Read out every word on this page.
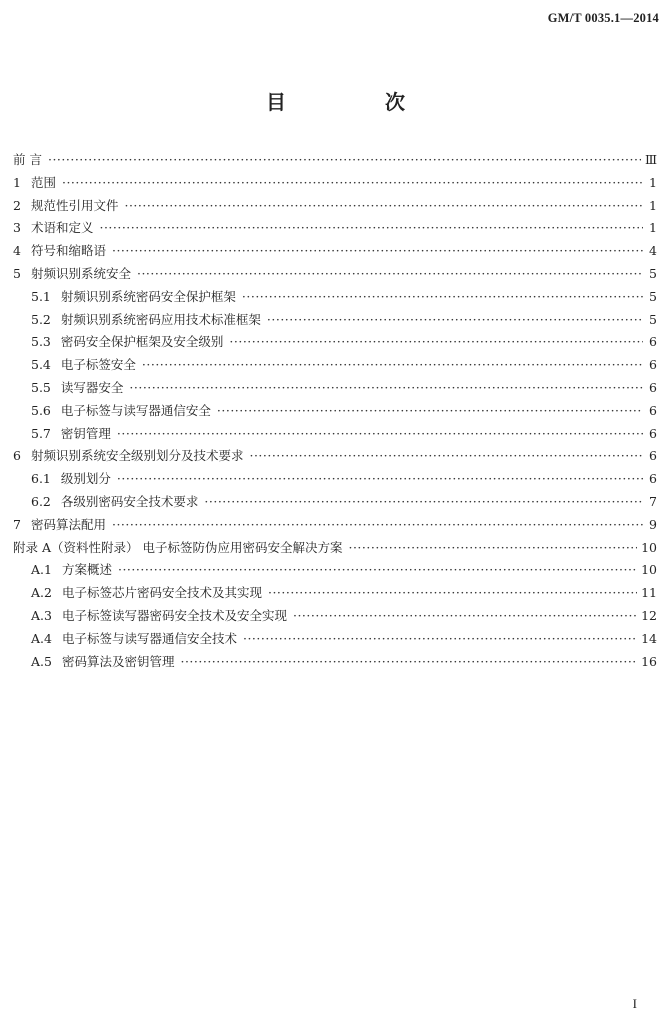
GM/T 0035.1—2014
目 次
前 言 ·····	Ⅲ
1 范围 ·····	1
2 规范性引用文件 ·····	1
3 术语和定义 ·····	1
4 符号和缩略语 ·····	4
5 射频识别系统安全 ·····	5
5.1 射频识别系统密码安全保护框架 ·····	5
5.2 射频识别系统密码应用技术标准框架 ·····	5
5.3 密码安全保护框架及安全级别 ·····	6
5.4 电子标签安全 ·····	6
5.5 读写器安全 ·····	6
5.6 电子标签与读写器通信安全 ·····	6
5.7 密钥管理 ·····	6
6 射频识别系统安全级别划分及技术要求 ·····	6
6.1 级别划分 ·····	6
6.2 各级别密码安全技术要求 ·····	7
7 密码算法配用 ·····	9
附录 A（资料性附录） 电子标签防伪应用密码安全解决方案 ·····	10
A.1 方案概述 ·····	10
A.2 电子标签芯片密码安全技术及其实现 ·····	11
A.3 电子标签读写器密码安全技术及安全实现 ·····	12
A.4 电子标签与读写器通信安全技术 ·····	14
A.5 密码算法及密钥管理 ·····	16
I
